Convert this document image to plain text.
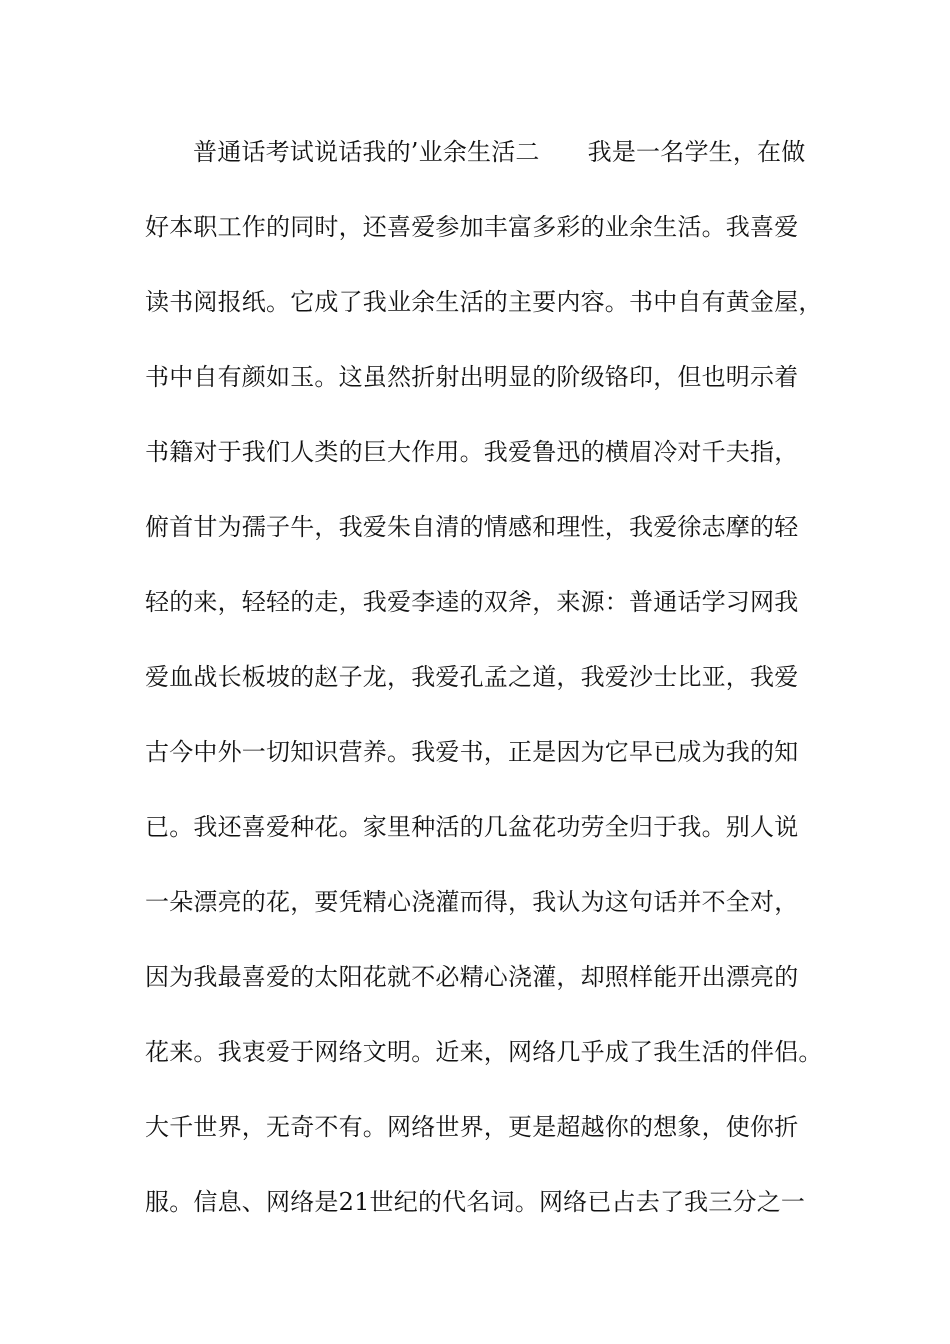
普通话考试说话我的’业余生活二 我是一名学生，在做
好本职工作的同时，还喜爱参加丰富多彩的业余生活。我喜爱
读书阅报纸。它成了我业余生活的主要内容。书中自有黄金屋，
书中自有颜如玉。这虽然折射出明显的阶级铬印，但也明示着
书籍对于我们人类的巨大作用。我爱鲁迅的横眉冷对千夫指，
俯首甘为孺子牛，我爱朱自清的情感和理性，我爱徐志摩的轻
轻的来，轻轻的走，我爱李逵的双斧，来源：普通话学习网我
爱血战长板坡的赵子龙，我爱孔孟之道，我爱沙士比亚，我爱
古今中外一切知识营养。我爱书，正是因为它早已成为我的知
已。我还喜爱种花。家里种活的几盆花功劳全归于我。别人说
一朵漂亮的花，要凭精心浇灌而得，我认为这句话并不全对，
因为我最喜爱的太阳花就不必精心浇灌，却照样能开出漂亮的
花来。我衷爱于网络文明。近来，网络几乎成了我生活的伴侣。
大千世界，无奇不有。网络世界，更是超越你的想象，使你折
服。信息、网络是21世纪的代名词。网络已占去了我三分之一
